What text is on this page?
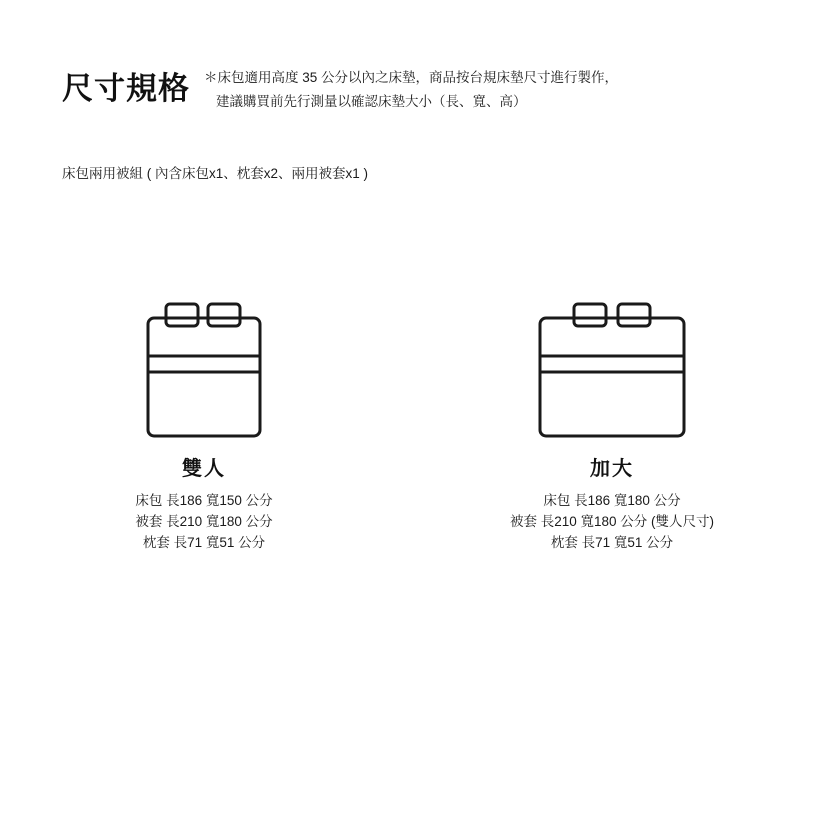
尺寸規格 ＊床包適用高度 35 公分以內之床墊，商品按台規床墊尺寸進行製作，
建議購買前先行測量以確認床墊大小（長、寬、高）
床包兩用被組 ( 內含床包x1、枕套x2、兩用被套x1 )
雙人
床包 長186 寬150 公分
被套 長210 寬180 公分
枕套 長71 寬51 公分
加大
床包 長186 寬180 公分
被套 長210 寬180 公分 (雙人尺寸)
枕套 長71 寬51 公分
